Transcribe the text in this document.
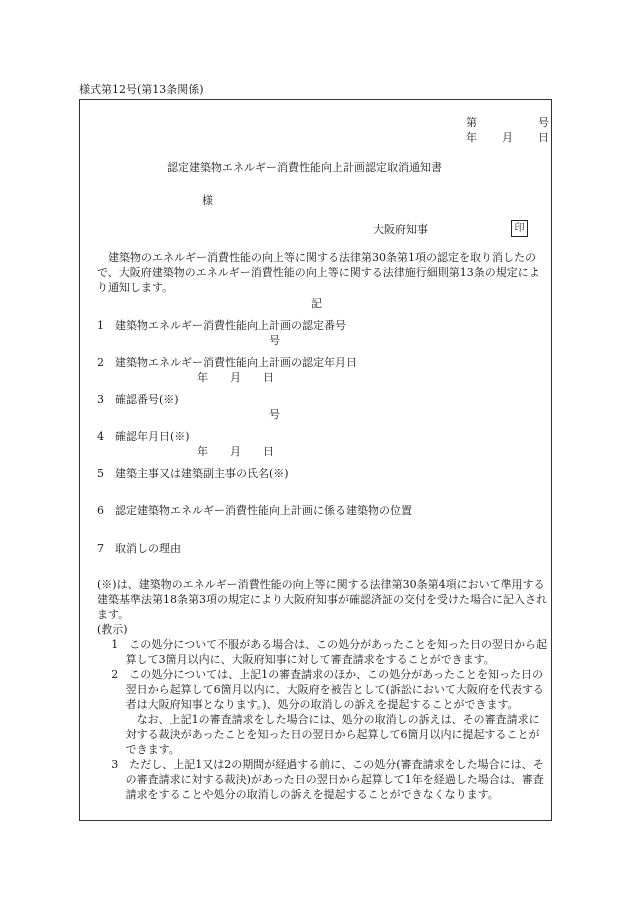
様式第12号(第13条関係)
第	号
年 月 日
認定建築物エネルギー消費性能向上計画認定取消通知書
様
大阪府知事	印
建築物のエネルギー消費性能の向上等に関する法律第30条第1項の認定を取り消したので、大阪府建築物のエネルギー消費性能の向上等に関する法律施行細則第13条の規定により通知します。
記
1 建築物エネルギー消費性能向上計画の認定番号
号
2 建築物エネルギー消費性能向上計画の認定年月日
年　　月　　日
3 確認番号(※)
号
4 確認年月日(※)
年　　月　　日
5 建築主事又は建築副主事の氏名(※)
6 認定建築物エネルギー消費性能向上計画に係る建築物の位置
7 取消しの理由
(※)は、建築物のエネルギー消費性能の向上等に関する法律第30条第4項において準用する建築基準法第18条第3項の規定により大阪府知事が確認済証の交付を受けた場合に記入されます。
(教示)
1　この処分について不服がある場合は、この処分があったことを知った日の翌日から起算して3箇月以内に、大阪府知事に対して審査請求をすることができます。
2　この処分については、上記1の審査請求のほか、この処分があったことを知った日の翌日から起算して6箇月以内に、大阪府を被告として(訴訟において大阪府を代表する者は大阪府知事となります。)、処分の取消しの訴えを提起することができます。
なお、上記1の審査請求をした場合には、処分の取消しの訴えは、その審査請求に対する裁決があったことを知った日の翌日から起算して6箇月以内に提起することができます。
3　ただし、上記1又は2の期間が経過する前に、この処分(審査請求をした場合には、その審査請求に対する裁決)があった日の翌日から起算して1年を経過した場合は、審査請求をすることや処分の取消しの訴えを提起することができなくなります。
